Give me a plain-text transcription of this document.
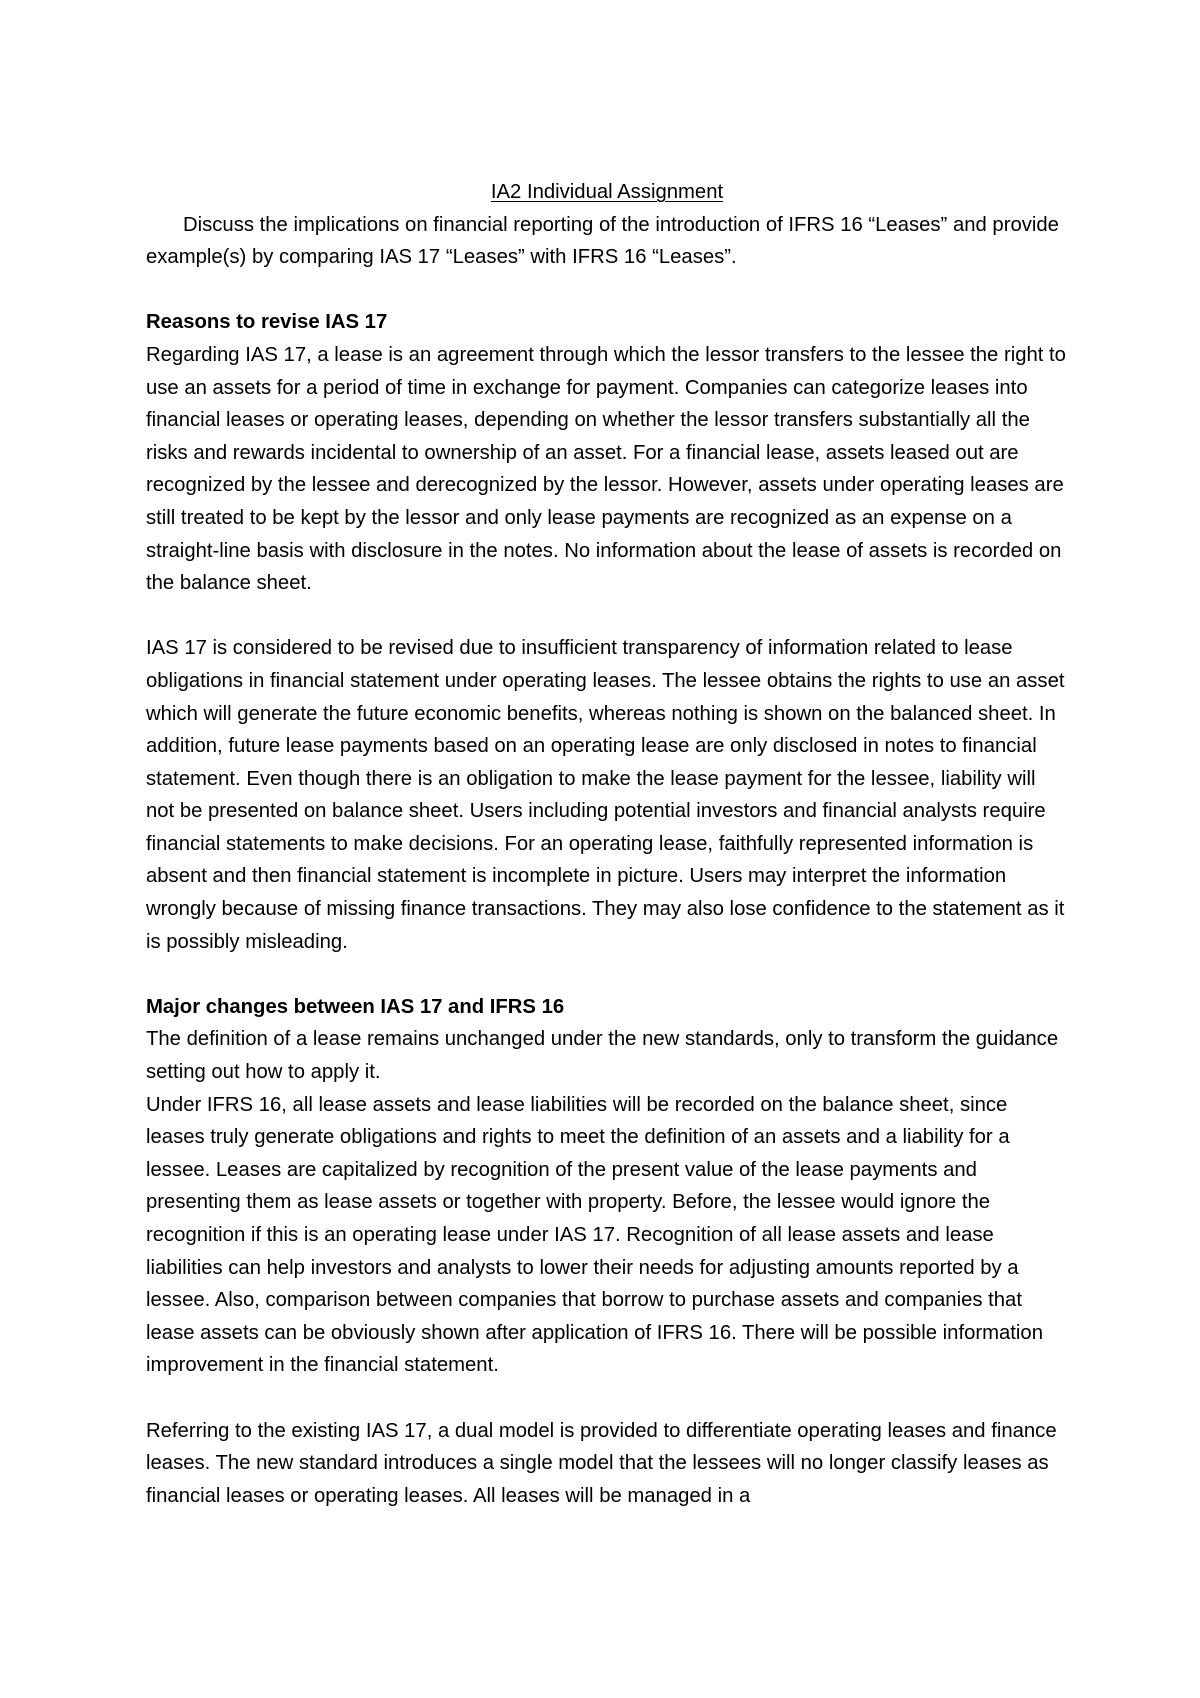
IA2 Individual Assignment

Discuss the implications on financial reporting of the introduction of IFRS 16 “Leases” and provide example(s) by comparing IAS 17 “Leases” with IFRS 16 “Leases”.

Reasons to revise IAS 17

Regarding IAS 17, a lease is an agreement through which the lessor transfers to the lessee the right to use an assets for a period of time in exchange for payment. Companies can categorize leases into financial leases or operating leases, depending on whether the lessor transfers substantially all the risks and rewards incidental to ownership of an asset. For a financial lease, assets leased out are recognized by the lessee and derecognized by the lessor. However, assets under operating leases are still treated to be kept by the lessor and only lease payments are recognized as an expense on a straight-line basis with disclosure in the notes. No information about the lease of assets is recorded on the balance sheet.

IAS 17 is considered to be revised due to insufficient transparency of information related to lease obligations in financial statement under operating leases. The lessee obtains the rights to use an asset which will generate the future economic benefits, whereas nothing is shown on the balanced sheet. In addition, future lease payments based on an operating lease are only disclosed in notes to financial statement. Even though there is an obligation to make the lease payment for the lessee, liability will not be presented on balance sheet. Users including potential investors and financial analysts require financial statements to make decisions. For an operating lease, faithfully represented information is absent and then financial statement is incomplete in picture. Users may interpret the information wrongly because of missing finance transactions. They may also lose confidence to the statement as it is possibly misleading.

Major changes between IAS 17 and IFRS 16

The definition of a lease remains unchanged under the new standards, only to transform the guidance setting out how to apply it.

Under IFRS 16, all lease assets and lease liabilities will be recorded on the balance sheet, since leases truly generate obligations and rights to meet the definition of an assets and a liability for a lessee. Leases are capitalized by recognition of the present value of the lease payments and presenting them as lease assets or together with property. Before, the lessee would ignore the recognition if this is an operating lease under IAS 17. Recognition of all lease assets and lease liabilities can help investors and analysts to lower their needs for adjusting amounts reported by a lessee. Also, comparison between companies that borrow to purchase assets and companies that lease assets can be obviously shown after application of IFRS 16. There will be possible information improvement in the financial statement.

Referring to the existing IAS 17, a dual model is provided to differentiate operating leases and finance leases. The new standard introduces a single model that the lessees will no longer classify leases as financial leases or operating leases. All leases will be managed in a
